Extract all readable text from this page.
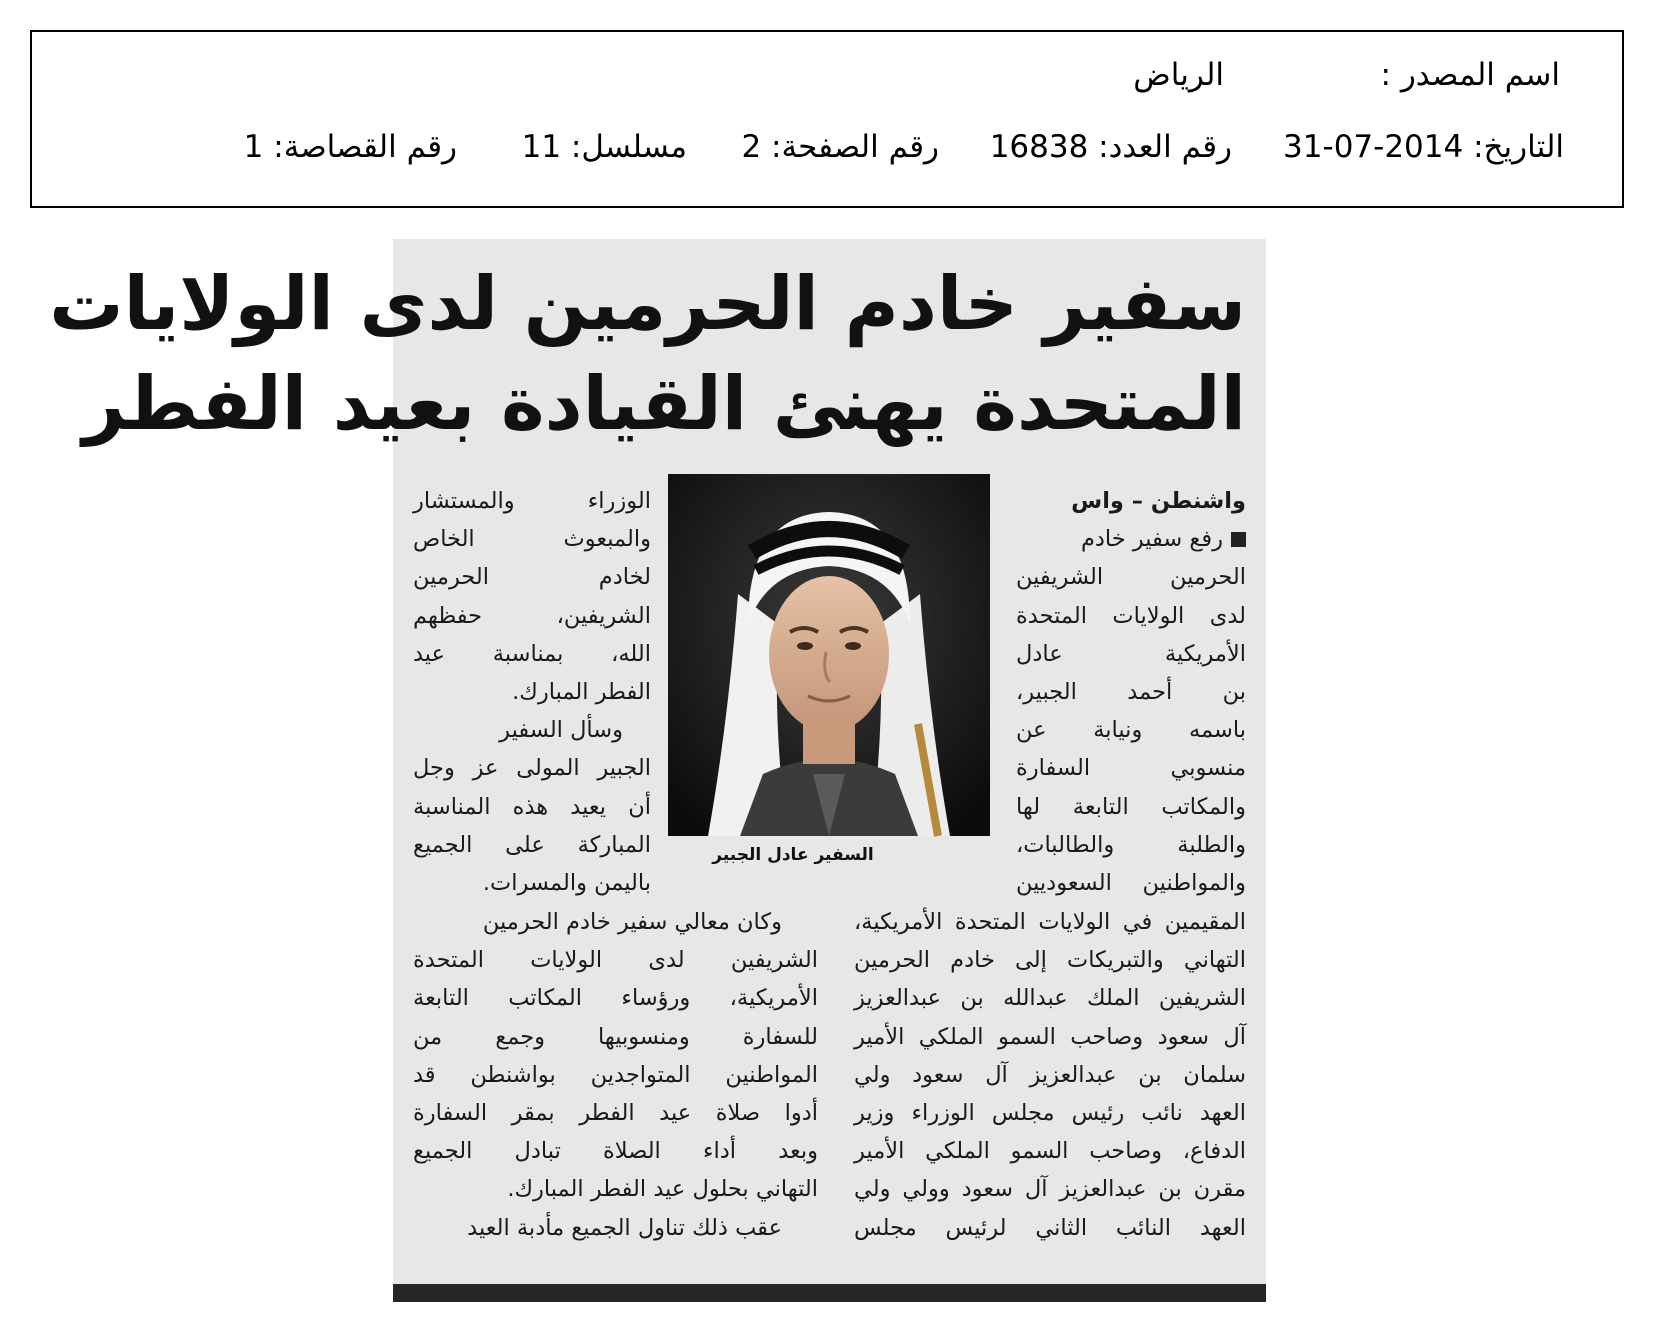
اسم المصدر :
الرياض
التاريخ: 2014-07-31
رقم العدد: 16838
رقم الصفحة: 2
مسلسل: 11
رقم القصاصة: 1
سفير خادم الحرمين لدى الولايات
المتحدة يهنئ القيادة بعيد الفطر
واشنطن – واس
رفع سفير خادم
الحرمين الشريفين
لدى الولايات المتحدة
الأمريكية عادل
بن أحمد الجبير،
باسمه ونيابة عن
منسوبي السفارة
والمكاتب التابعة لها
والطلبة والطالبات،
والمواطنين السعوديين
السفير عادل الجبير
الوزراء والمستشار
والمبعوث الخاص
لخادم الحرمين
الشريفين، حفظهم
الله، بمناسبة عيد
الفطر المبارك.
وسأل السفير
الجبير المولى عز وجل
أن يعيد هذه المناسبة
المباركة على الجميع
باليمن والمسرات.
المقيمين في الولايات المتحدة الأمريكية،
التهاني والتبريكات إلى خادم الحرمين
الشريفين الملك عبدالله بن عبدالعزيز
آل سعود وصاحب السمو الملكي الأمير
سلمان بن عبدالعزيز آل سعود ولي
العهد نائب رئيس مجلس الوزراء وزير
الدفاع، وصاحب السمو الملكي الأمير
مقرن بن عبدالعزيز آل سعود وولي ولي
العهد النائب الثاني لرئيس مجلس
وكان معالي سفير خادم الحرمين
الشريفين لدى الولايات المتحدة
الأمريكية، ورؤساء المكاتب التابعة
للسفارة ومنسوبيها وجمع من
المواطنين المتواجدين بواشنطن قد
أدوا صلاة عيد الفطر بمقر السفارة
وبعد أداء الصلاة تبادل الجميع
التهاني بحلول عيد الفطر المبارك.
عقب ذلك تناول الجميع مأدبة العيد
